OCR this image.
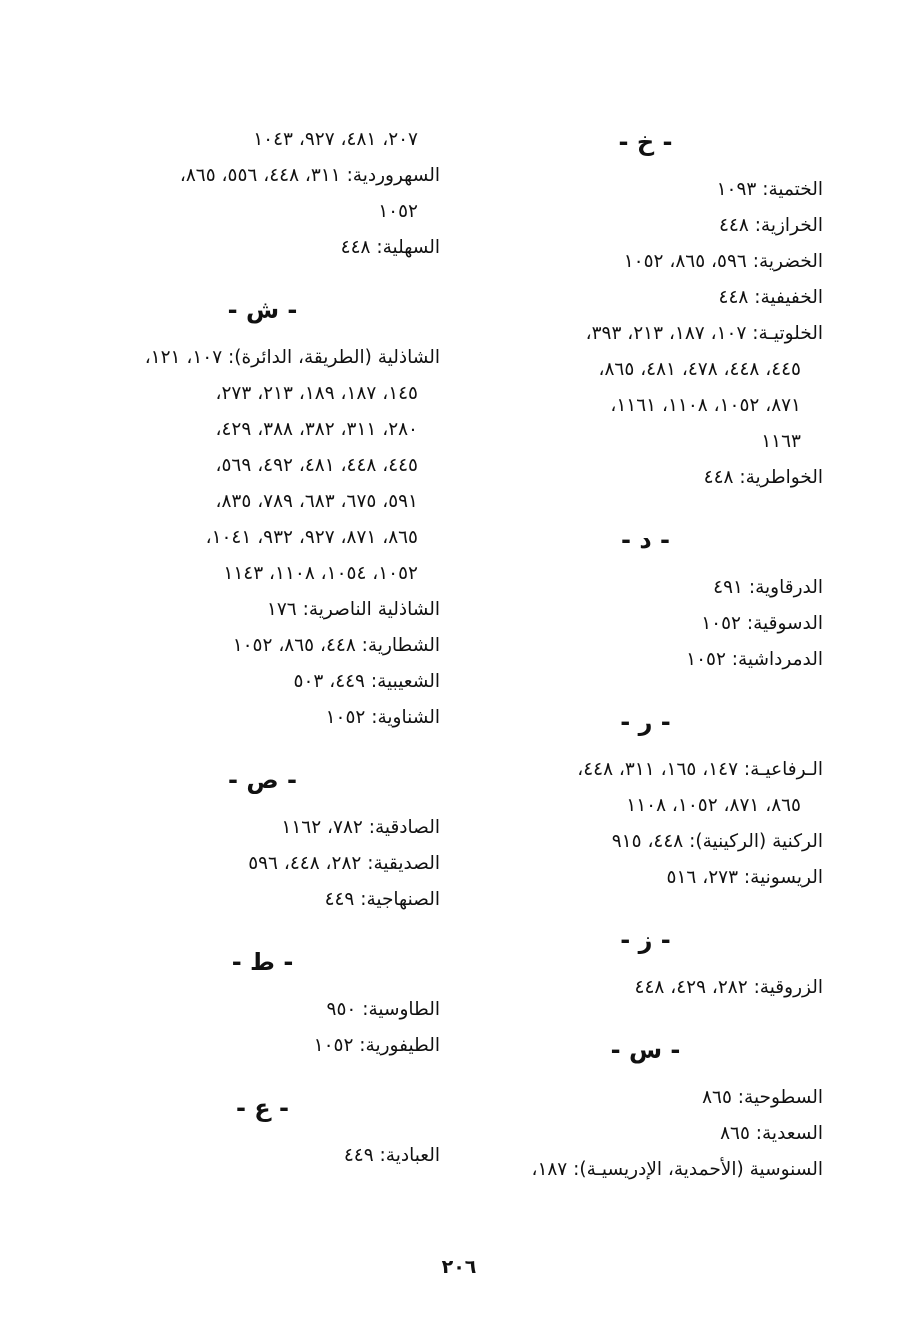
- خ -
الختمية: ١٠٩٣
الخرازية: ٤٤٨
الخضرية: ٥٩٦، ٨٦٥، ١٠٥٢
الخفيفية: ٤٤٨
الخلوتيـة: ١٠٧، ١٨٧، ٢١٣، ٣٩٣،
٤٤٥، ٤٤٨، ٤٧٨، ٤٨١، ٨٦٥،
٨٧١، ١٠٥٢، ١١٠٨، ١١٦١،
١١٦٣
الخواطرية: ٤٤٨
- د -
الدرقاوية: ٤٩١
الدسوقية: ١٠٥٢
الدمرداشية: ١٠٥٢
- ر -
الـرفاعيـة: ١٤٧، ١٦٥، ٣١١، ٤٤٨،
٨٦٥، ٨٧١، ١٠٥٢، ١١٠٨
الركنية (الركينية): ٤٤٨، ٩١٥
الريسونية: ٢٧٣، ٥١٦
- ز -
الزروقية: ٢٨٢، ٤٢٩، ٤٤٨
- س -
السطوحية: ٨٦٥
السعدية: ٨٦٥
السنوسية (الأحمدية، الإدريسيـة): ١٨٧،
٢٠٧، ٤٨١، ٩٢٧، ١٠٤٣
السهروردية: ٣١١، ٤٤٨، ٥٥٦، ٨٦٥،
١٠٥٢
السهلية: ٤٤٨
- ش -
الشاذلية (الطريقة، الدائرة): ١٠٧، ١٢١،
١٤٥، ١٨٧، ١٨٩، ٢١٣، ٢٧٣،
٢٨٠، ٣١١، ٣٨٢، ٣٨٨، ٤٢٩،
٤٤٥، ٤٤٨، ٤٨١، ٤٩٢، ٥٦٩،
٥٩١، ٦٧٥، ٦٨٣، ٧٨٩، ٨٣٥،
٨٦٥، ٨٧١، ٩٢٧، ٩٣٢، ١٠٤١،
١٠٥٢، ١٠٥٤، ١١٠٨، ١١٤٣
الشاذلية الناصرية: ١٧٦
الشطارية: ٤٤٨، ٨٦٥، ١٠٥٢
الشعيبية: ٤٤٩، ٥٠٣
الشناوية: ١٠٥٢
- ص -
الصادقية: ٧٨٢، ١١٦٢
الصديقية: ٢٨٢، ٤٤٨، ٥٩٦
الصنهاجية: ٤٤٩
- ط -
الطاوسية: ٩٥٠
الطيفورية: ١٠٥٢
- ع -
العبادية: ٤٤٩
٢٠٦
